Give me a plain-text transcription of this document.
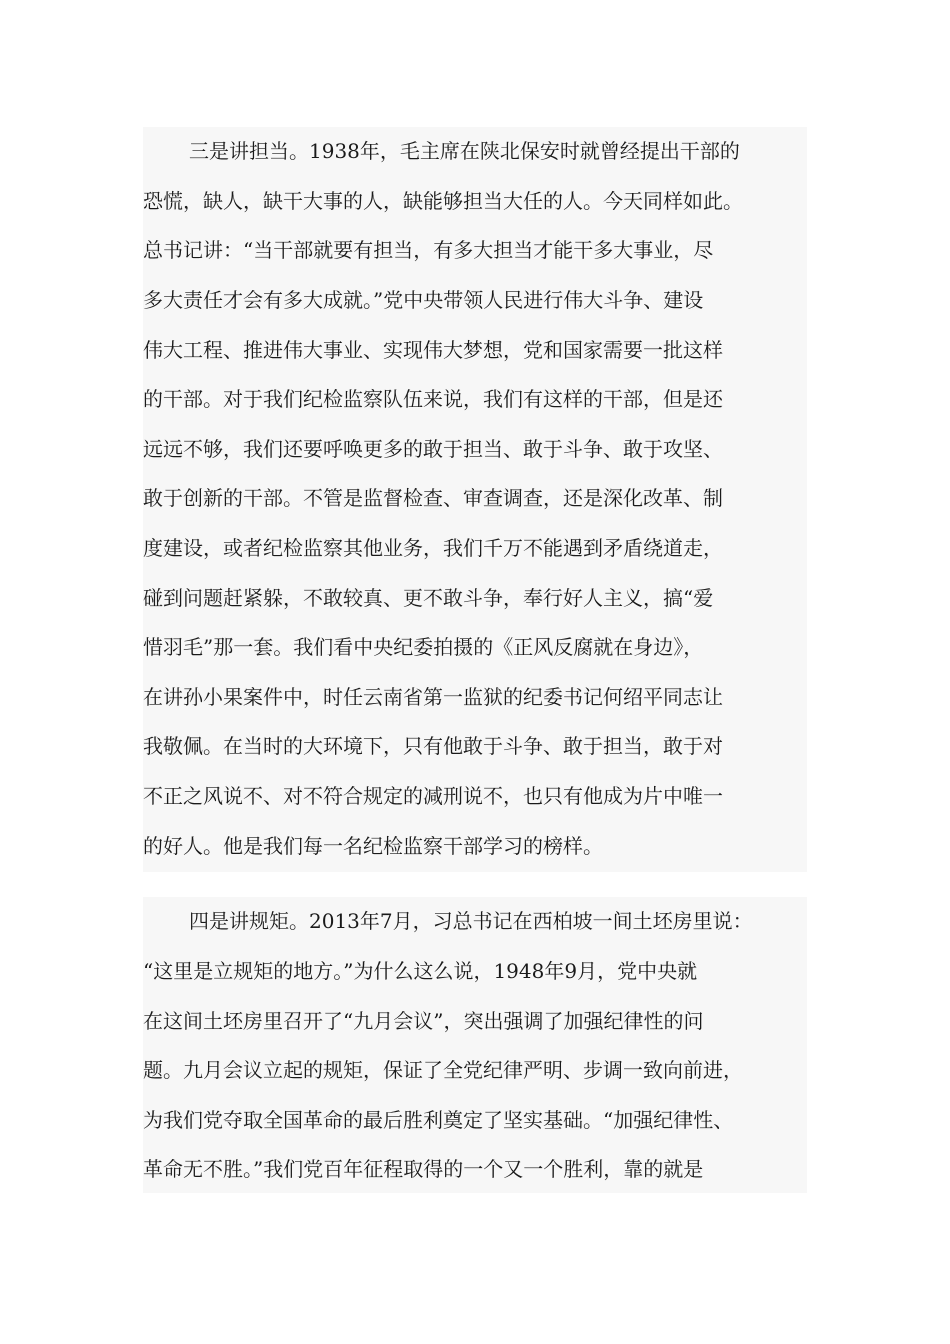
三是讲担当。1938年，毛主席在陕北保安时就曾经提出干部的
恐慌，缺人，缺干大事的人，缺能够担当大任的人。今天同样如此。
总书记讲：“当干部就要有担当，有多大担当才能干多大事业，尽
多大责任才会有多大成就。”党中央带领人民进行伟大斗争、建设
伟大工程、推进伟大事业、实现伟大梦想，党和国家需要一批这样
的干部。对于我们纪检监察队伍来说，我们有这样的干部，但是还
远远不够，我们还要呼唤更多的敢于担当、敢于斗争、敢于攻坚、
敢于创新的干部。不管是监督检查、审查调查，还是深化改革、制
度建设，或者纪检监察其他业务，我们千万不能遇到矛盾绕道走，
碰到问题赶紧躲，不敢较真、更不敢斗争，奉行好人主义，搞“爱
惜羽毛”那一套。我们看中央纪委拍摄的《正风反腐就在身边》，
在讲孙小果案件中，时任云南省第一监狱的纪委书记何绍平同志让
我敬佩。在当时的大环境下，只有他敢于斗争、敢于担当，敢于对
不正之风说不、对不符合规定的减刑说不，也只有他成为片中唯一
的好人。他是我们每一名纪检监察干部学习的榜样。
四是讲规矩。2013年7月，习总书记在西柏坡一间土坯房里说：
“这里是立规矩的地方。”为什么这么说，1948年9月，党中央就
在这间土坯房里召开了“九月会议”，突出强调了加强纪律性的问
题。九月会议立起的规矩，保证了全党纪律严明、步调一致向前进，
为我们党夺取全国革命的最后胜利奠定了坚实基础。“加强纪律性、
革命无不胜。”我们党百年征程取得的一个又一个胜利，靠的就是
